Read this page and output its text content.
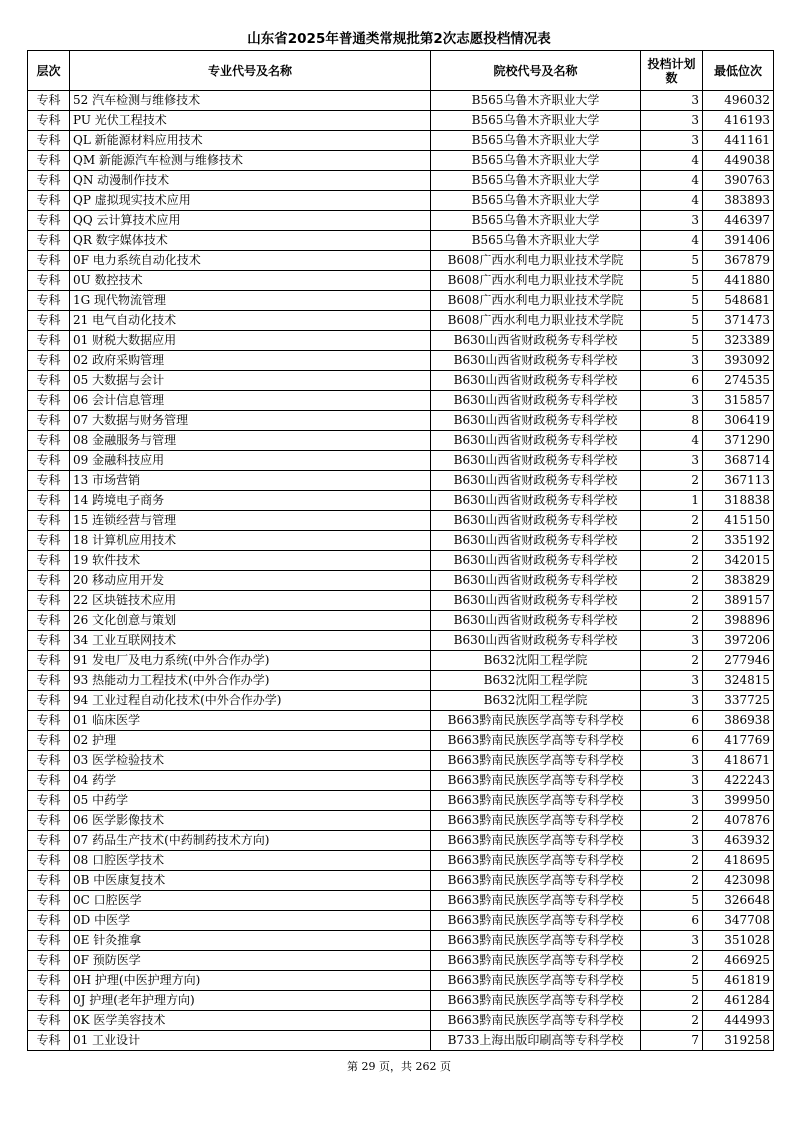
山东省2025年普通类常规批第2次志愿投档情况表
层次	专业代号及名称	院校代号及名称	投档计划数	最低位次
专科	52 汽车检测与维修技术	B565乌鲁木齐职业大学	3	496032
专科	PU 光伏工程技术	B565乌鲁木齐职业大学	3	416193
专科	QL 新能源材料应用技术	B565乌鲁木齐职业大学	3	441161
专科	QM 新能源汽车检测与维修技术	B565乌鲁木齐职业大学	4	449038
专科	QN 动漫制作技术	B565乌鲁木齐职业大学	4	390763
专科	QP 虚拟现实技术应用	B565乌鲁木齐职业大学	4	383893
专科	QQ 云计算技术应用	B565乌鲁木齐职业大学	3	446397
专科	QR 数字媒体技术	B565乌鲁木齐职业大学	4	391406
专科	0F 电力系统自动化技术	B608广西水利电力职业技术学院	5	367879
专科	0U 数控技术	B608广西水利电力职业技术学院	5	441880
专科	1G 现代物流管理	B608广西水利电力职业技术学院	5	548681
专科	21 电气自动化技术	B608广西水利电力职业技术学院	5	371473
专科	01 财税大数据应用	B630山西省财政税务专科学校	5	323389
专科	02 政府采购管理	B630山西省财政税务专科学校	3	393092
专科	05 大数据与会计	B630山西省财政税务专科学校	6	274535
专科	06 会计信息管理	B630山西省财政税务专科学校	3	315857
专科	07 大数据与财务管理	B630山西省财政税务专科学校	8	306419
专科	08 金融服务与管理	B630山西省财政税务专科学校	4	371290
专科	09 金融科技应用	B630山西省财政税务专科学校	3	368714
专科	13 市场营销	B630山西省财政税务专科学校	2	367113
专科	14 跨境电子商务	B630山西省财政税务专科学校	1	318838
专科	15 连锁经营与管理	B630山西省财政税务专科学校	2	415150
专科	18 计算机应用技术	B630山西省财政税务专科学校	2	335192
专科	19 软件技术	B630山西省财政税务专科学校	2	342015
专科	20 移动应用开发	B630山西省财政税务专科学校	2	383829
专科	22 区块链技术应用	B630山西省财政税务专科学校	2	389157
专科	26 文化创意与策划	B630山西省财政税务专科学校	2	398896
专科	34 工业互联网技术	B630山西省财政税务专科学校	3	397206
专科	91 发电厂及电力系统(中外合作办学)	B632沈阳工程学院	2	277946
专科	93 热能动力工程技术(中外合作办学)	B632沈阳工程学院	3	324815
专科	94 工业过程自动化技术(中外合作办学)	B632沈阳工程学院	3	337725
专科	01 临床医学	B663黔南民族医学高等专科学校	6	386938
专科	02 护理	B663黔南民族医学高等专科学校	6	417769
专科	03 医学检验技术	B663黔南民族医学高等专科学校	3	418671
专科	04 药学	B663黔南民族医学高等专科学校	3	422243
专科	05 中药学	B663黔南民族医学高等专科学校	3	399950
专科	06 医学影像技术	B663黔南民族医学高等专科学校	2	407876
专科	07 药品生产技术(中药制药技术方向)	B663黔南民族医学高等专科学校	3	463932
专科	08 口腔医学技术	B663黔南民族医学高等专科学校	2	418695
专科	0B 中医康复技术	B663黔南民族医学高等专科学校	2	423098
专科	0C 口腔医学	B663黔南民族医学高等专科学校	5	326648
专科	0D 中医学	B663黔南民族医学高等专科学校	6	347708
专科	0E 针灸推拿	B663黔南民族医学高等专科学校	3	351028
专科	0F 预防医学	B663黔南民族医学高等专科学校	2	466925
专科	0H 护理(中医护理方向)	B663黔南民族医学高等专科学校	5	461819
专科	0J 护理(老年护理方向)	B663黔南民族医学高等专科学校	2	461284
专科	0K 医学美容技术	B663黔南民族医学高等专科学校	2	444993
专科	01 工业设计	B733上海出版印刷高等专科学校	7	319258
第 29 页，共 262 页
